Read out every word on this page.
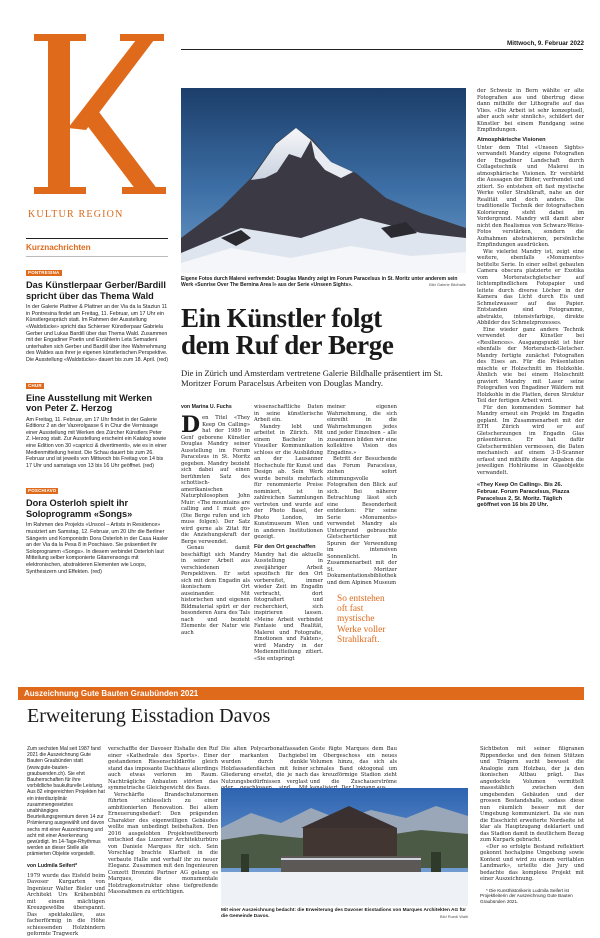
KULTUR REGION
Mittwoch, 9. Februar 2022
Kurznachrichten
PONTRESINA
Das Künstlerpaar Gerber/Bardill spricht über das Thema Wald

In der Galerie Plattner & Plattner an der Via da la Staziun 11 in Pontresina findet am Freitag, 11. Februar, um 17 Uhr ein Künstlergespräch statt. Im Rahmen der Ausstellung «Waldstücke» spricht das Schierser Künstlerpaar Gabriela Gerber und Lukas Bardill über das Thema Wald. Zusammen mit der Engadiner Poetin und Erzählerin Leta Semadeni unterhalten sich Gerber und Bardill über ihre Wahrnehmung des Waldes aus ihrer je eigenen künstlerischen Perspektive. Die Ausstellung «Waldstücke» dauert bis zum 18. April. (red)

CHUR
Eine Ausstellung mit Werken von Peter Z. Herzog

Am Freitag, 11. Februar, um 17 Uhr findet in der Galerie Editionz 2 an der Vazerolgasse 6 in Chur die Vernissage einer Ausstellung mit Werken des Zürcher Künstlers Peter Z. Herzog statt. Zur Ausstellung erscheint ein Katalog sowie eine Edition von 30 «capricci & divertimenti», wie es in einer Medienmitteilung heisst. Die Schau dauert bis zum 26. Februar und ist jeweils von Mittwoch bis Freitag von 14 bis 17 Uhr und samstags von 13 bis 16 Uhr geöffnet. (red)

POSCHIAVO
Dora Osterloh spielt ihr Soloprogramm «Songs»

Im Rahmen des Projekts «Unsool – Artists in Residence» musiziert am Samstag, 12. Februar, um 20 Uhr die Berliner Sängerin und Komponistin Dora Osterloh in der Casa Hasler an der Via da la Pesa 8 in Poschiavo. Sie präsentiert ihr Soloprogramm «Songs». In diesem verbindet Osterloh laut Mitteilung selber komponierte Gitarrensongs mit elektronischen, abstrakteren Elementen wie Loops, Synthesizern und Effekten. (red)

Eigene Fotos durch Malerei verfremdet: Douglas Mandry zeigt im Forum Paracelsus in St. Moritz unter anderem sein Werk «Sunrise Over The Bernina Area I» aus der Serie «Unseen Sights».	Bild Galerie Bildhalle
Ein Künstler folgt
dem Ruf der Berge
Die in Zürich und Amsterdam vertretene Galerie Bildhalle präsentiert im St. Moritzer Forum Paracelsus Arbeiten von Douglas Mandry.
von Marina U. Fuchs
D en Titel «They Keep On Calling» hat der 1989 in Genf geborene Künstler Douglas Mandry seiner Ausstellung im Forum Paracelsus in St. Moritz gegeben. Mandry bezieht sich dabei auf einen berühmten Satz des schottisch-amerikanischen Naturphilosophen John Muir: «The mountains are calling and I must go» (Die Berge rufen und ich muss folgen). Der Satz wird gerne als Zitat für die Anziehungskraft der Berge verwendet.

Genau damit beschäftigt sich Mandry in seiner Arbeit aus verschiedenen Perspektiven. Er setzt sich mit dem Engadin als ikonischem Ort auseinander. Mit historischen und eigenen Bildmaterial spürt er der besonderen Aura des Tals nach und bezieht Elemente der Natur wie auch

wissenschaftliche Daten in seine künstlerische Arbeit ein.

Mandry lebt und arbeitet in Zürich. Mit einem Bachelor in Visueller Kommunikation schloss er die Ausbildung an der Lausanner Hochschule für Kunst und Design ab. Sein Werk wurde bereits mehrfach für renommierte Preise nominiert, ist in zahlreichen Sammlungen vertreten und wurde auf der Photo Basel, der Photo London, im Kunstmuseum Wien und in anderen Institutionen gezeigt.

Für den Ort geschaffen

Mandry hat die aktuelle Ausstellung in zweijähriger Arbeit spezifisch für den Ort vorbereitet, immer wieder Zeit im Engadin verbracht, dort fotografiert und recherchiert, sich inspirieren lassen. «Meine Arbeit verbindet Fantasie und Realität, Malerei und Fotografie, Emotionen und Fakten», wird Mandry in der Medienmitteilung zitiert. «Sie entspringt

meiner eigenen Wahrnehmung, die sich einreiht in die Wahrnehmungen jedes und jeder Einzelnen – alle zusammen bilden wir eine kollektive Vision des Engadins.»

Betritt der Besuchende das Forum Paracelsus, ziehen sofort stimmungsvolle Fotografien den Blick auf sich. Bei näherer Betrachtung lässt sich eine Besonderheit entdecken: Für seine Serie «Monuments» verwendet Mandry als Untergrund gebrauchte Gletschertücher mit Spuren der Verwendung im intensiven Sonnenlicht. In Zusammenarbeit mit der St. Moritzer Dokumentationsbibliothek und dem Alpinen Museum

So entstehen oft fast mystische Werke voller Strahlkraft.

der Schweiz in Bern wählte er alte Fotografien aus und übertrug diese dann mithilfe der Lithografie auf das Vlies. «Die Arbeit ist sehr konzeptuell, aber auch sehr sinnlich», schildert der Künstler bei einem Rundgang seine Empfindungen.

Atmosphärische Visionen

Unter dem Titel «Unseen Sights» verwandelt Mandry eigene Fotografien der Engadiner Landschaft durch Collagetechnik und Malerei in atmosphärische Visionen. Er verstärkt die Aussagen der Bilder, verfremdet und zitiert. So entstehen oft fast mystische Werke voller Strahlkraft, nahe an der Realität und doch anders. Die traditionelle Technik der fotografischen Kolorierung steht dabei im Vordergrund. Mandry will damit aber nicht den Realismus von Schwarz-Weiss-Fotos verstärken, sondern die Aufnahmen abstrahieren, persönliche Empfindungen ausdrücken.

Wie vielerlei Mandry ist, zeigt eine weitere, ebenfalls «Monuments» betitelte Serie. In einer selbst gebauten Camera obscura platzierte er Exotika vom Morteratschgletscher auf lichtempfindlichem Fotopapier und leitete durch diverse Löcher in der Kamera das Licht durch Eis und Schmelzwasser auf das Papier. Entstanden sind Fotogramme, abstrakte, intensivfarbige, direkte Abbilder des Schmelzprozesses.

Eine wieder ganz andere Technik verwendet der Künstler bei «Resiliences». Ausgangspunkt ist hier ebenfalls der Morteratsch-Gletscher. Mandry fertigte zunächst Fotografien des Eises an. Für die Präsentation mischte er Holzschnitt im Holzkohle. Ähnlich wie bei einem Holzschnitt graviert Mandry mit Laser seine Fotografien von Engadiner Wäldern mit Holzkohle in die Platten, deren Struktur Teil der fertigen Arbeit wird.

Für den kommenden Sommer hat Mandry erneut ein Projekt im Engadin geplant. Im Zusammenarbeit mit der ETH Zürich wird er auf Gletscherzungen im Engadin Glas präsentieren. Er hat dafür Gletschermühlen vermessen, die Daten mechanisch auf einem 3-D-Scanner erfasst und mithilfe dieser Angaben die jeweiligen Hohlräume in Glasobjekte verwandelt.

«They Keep On Calling». Bis 26. Februar. Forum Paracelsus, Piazza Paracelsus 2, St. Moritz. Täglich geöffnet von 16 bis 20 Uhr.
Auszeichnung Gute Bauten Graubünden 2021
Erweiterung Eisstadion Davos

Zum sechsten Mal seit 1987 fand 2021 die Auszeichnung Gute Bauten Graubünden statt (www.gute-bauten-graubuenden.ch). Sie ehrt Bauherrschaften für ihre vorbildliche baukulturelle Leistung. Aus 82 eingereichten Projekten hat ein interdisziplinär zusammengesetztes unabhängiges Beurteilungsgremium deren 14 zur Prämierung ausgewählt und davon sechs mit einer Auszeichnung und acht mit einer Anerkennung gewürdigt. Im 14-Tage-Rhythmus werden an dieser Stelle alle prämierten Objekte vorgestellt.

von Ludmila Seifert*

1979 wurde das Eisfeld beim Davoser Kurgarten von Ingenieur Walter Bieler und Architekt Urs Krähenbühl mit einem mächtigen Kreuzgewölbe überspannt. Das spektakuläre, aus facherförmig in die Höhe schiessenden Holzbindern geformte Tragwerk

verschaffte der Davoser Eishalle den Ruf einer «Kathedrale des Sports». Einer gestandenen Riesenschildkröte gleich stand das imposante Dachhaus allerdings auch etwas verloren im Raum. Nachträgliche Anbauten störten das symmetrische Gleichgewicht des Baus.

Verschärfte Brandschutznormen führten schliesslich zu einer ambitionierten Renovation. Bei allem Erneuerungsbedarf: Den prägenden Charakter des eigenwilligen Gebäudes wollte man unbedingt beibehalten. Den 2016 ausgelobten Projektwettbewerb entschied das Luzerner Architekturbüro von Daniele Marques für sich. Sein Vorschlag brachte Klarheit in die verbaute Halle und verhalf ihr zu neuer Eleganz. Zusammen mit den Ingenieuren Conzett Bronzini Partner AG gelang es Marques, die monumentale Holztragkonstruktur ohne tiefgreifende Massnahmen zu ertüchtigen.

Die alten Polycarbonatfassaden der markanten Dachgiebel wurden durch dunkle Holzfassadenflächen mit feiner Gliederung ersetzt, die je nach Nutzungsbedürfnissen verglast

Geste fügte Marques dem Bau im Obergeschoss ein neues Volumen hinzu, das sich als schmales Band oktogonal um das kreuzförmige Stadion zieht und die Zuschauerströme

Mit einer Auszeichnung bedacht: die Erweiterung des Davoser Eisstadions von Marques Architekten AG für die Gemeinde Davos.	Bild Ruedi Walti

Sichtbeton mit seiner filigranen Rippendecke und den feinen Stützen und Trägern sucht bewusst die Analogie zum Holzbau, der ja den ikonischen Altbau prägt. Das angedockte Volumen vermittelt massstäblich zwischen den umgebenden Gebäuden und der grossen Bestandshalle, sodass diese nun räumlich besser mit der Umgebung kommuniziert. Da sie nun die Eisschicht erweiterte Nordseite ist klar als Hauptzugang deklariert und das Stadion damit in deutlichem Bezug zum Kurpark gebracht.

«Der so erfolgte Bestand reflektiert gekonnt hochalpine Umgebung sowie Kontext und wird zu einem veritablen Landmark», urteilte die Jury und bedachte das komplexe Projekt mit einer Auszeichnung.

* Die Kunsthistorikerin Ludmila Seifert ist Projektleiterin der Auszeichnung Gute Bauten Graubünden 2021.
